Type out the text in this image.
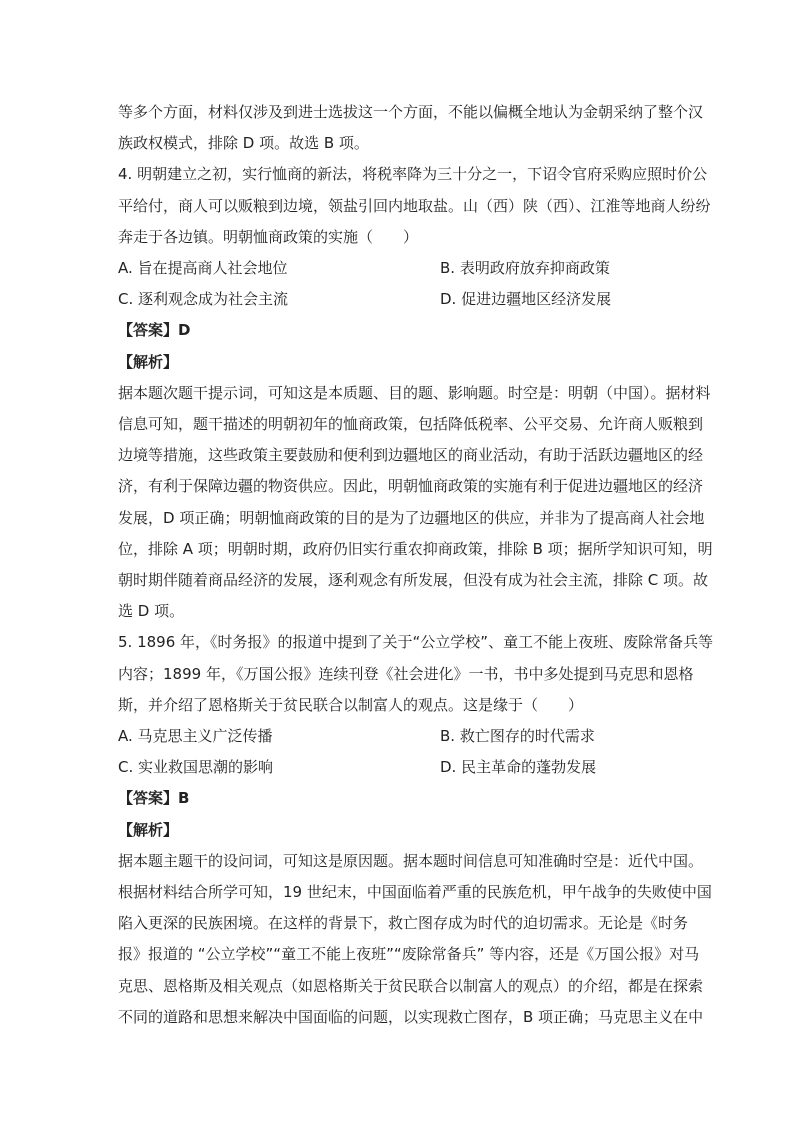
等多个方面，材料仅涉及到进士选拔这一个方面，不能以偏概全地认为金朝采纳了整个汉

族政权模式，排除 D 项。故选 B 项。

4. 明朝建立之初，实行恤商的新法，将税率降为三十分之一，下诏令官府采购应照时价公

平给付，商人可以贩粮到边境，领盐引回内地取盐。山（西）陕（西）、江淮等地商人纷纷

奔走于各边镇。明朝恤商政策的实施（　　）

A. 旨在提高商人社会地位	B. 表明政府放弃抑商政策
C. 逐利观念成为社会主流	D. 促进边疆地区经济发展

【答案】D

【解析】

据本题次题干提示词，可知这是本质题、目的题、影响题。时空是：明朝（中国）。据材料

信息可知，题干描述的明朝初年的恤商政策，包括降低税率、公平交易、允许商人贩粮到

边境等措施，这些政策主要鼓励和便利到边疆地区的商业活动，有助于活跃边疆地区的经

济，有利于保障边疆的物资供应。因此，明朝恤商政策的实施有利于促进边疆地区的经济

发展，D 项正确；明朝恤商政策的目的是为了边疆地区的供应，并非为了提高商人社会地

位，排除 A 项；明朝时期，政府仍旧实行重农抑商政策，排除 B 项；据所学知识可知，明

朝时期伴随着商品经济的发展，逐利观念有所发展，但没有成为社会主流，排除 C 项。故

选 D 项。

5. 1896 年，《时务报》的报道中提到了关于“公立学校”、童工不能上夜班、废除常备兵等

内容；1899 年，《万国公报》连续刊登《社会进化》一书，书中多处提到马克思和恩格

斯，并介绍了恩格斯关于贫民联合以制富人的观点。这是缘于（　　）

A. 马克思主义广泛传播	B. 救亡图存的时代需求
C. 实业救国思潮的影响	D. 民主革命的蓬勃发展

【答案】B

【解析】

据本题主题干的设问词，可知这是原因题。据本题时间信息可知准确时空是：近代中国。

根据材料结合所学可知，19 世纪末，中国面临着严重的民族危机，甲午战争的失败使中国

陷入更深的民族困境。在这样的背景下，救亡图存成为时代的迫切需求。无论是《时务

报》报道的 “公立学校”“童工不能上夜班”“废除常备兵” 等内容，还是《万国公报》对马

克思、恩格斯及相关观点（如恩格斯关于贫民联合以制富人的观点）的介绍，都是在探索

不同的道路和思想来解决中国面临的问题，以实现救亡图存，B 项正确；马克思主义在中
